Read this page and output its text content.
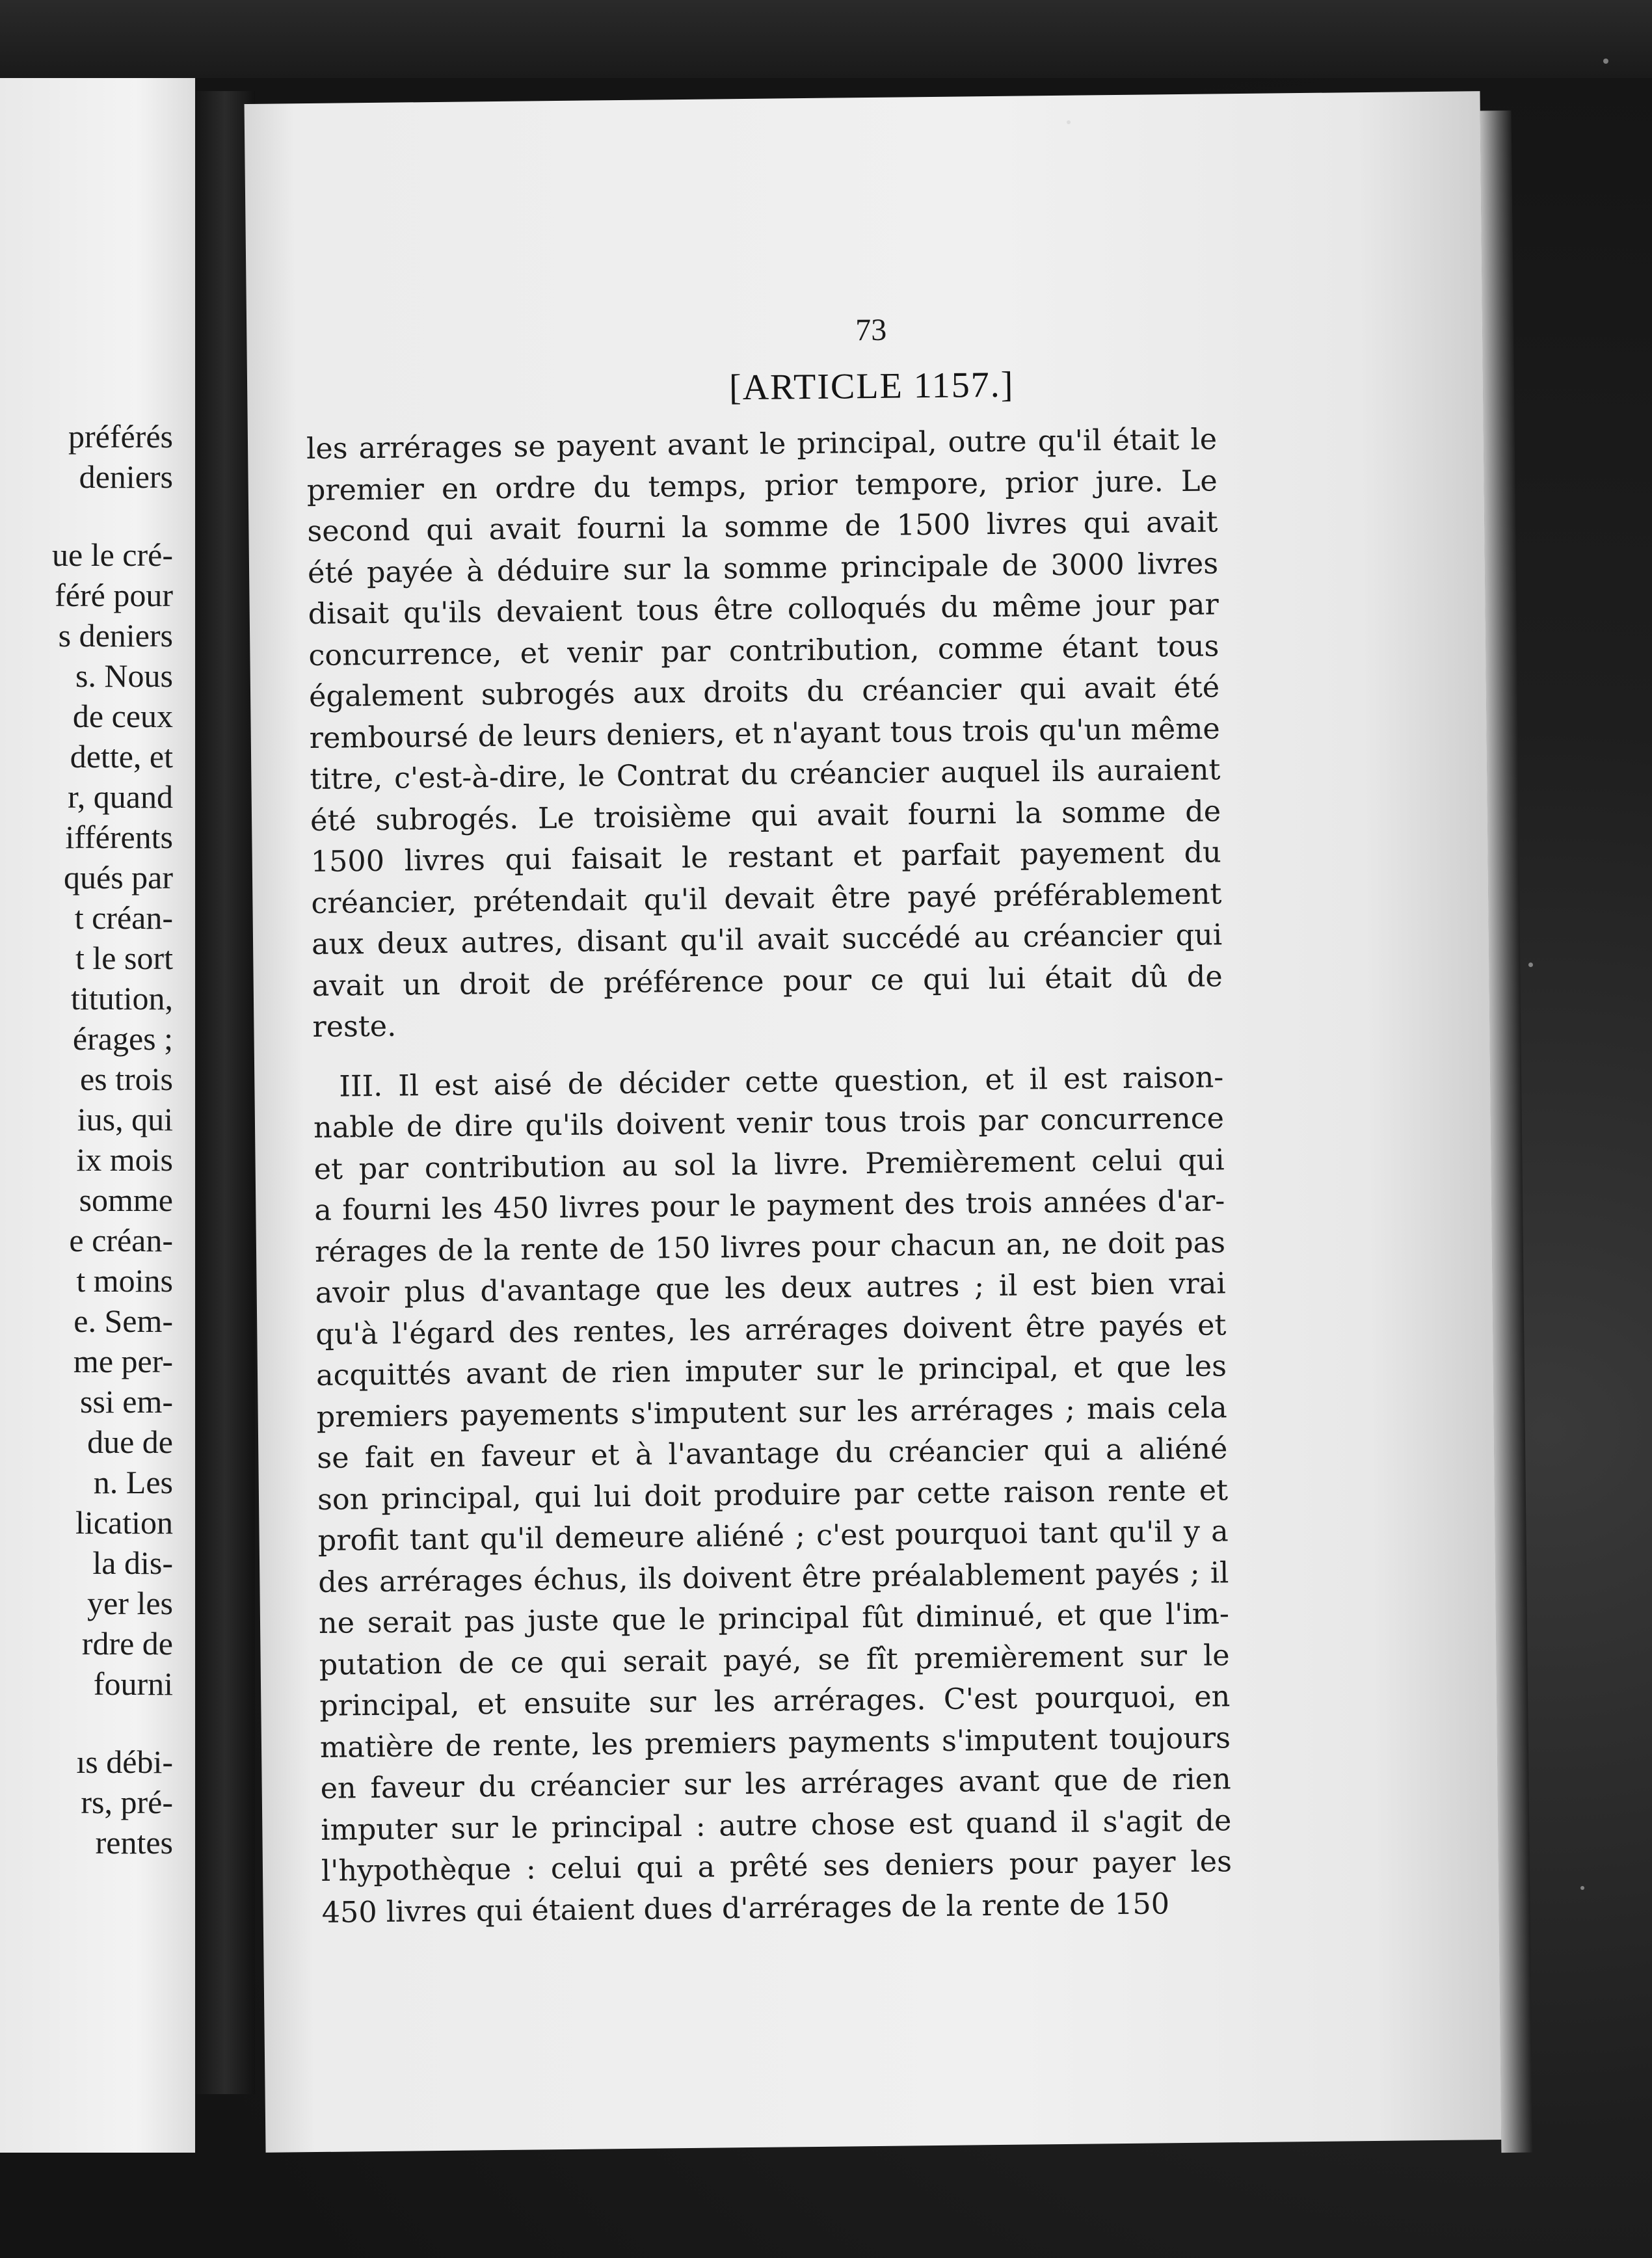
préférés
deniers
ue le cré-
féré pour
s deniers
s. Nous
de ceux
dette, et
r, quand
ifférents
qués par
t créan-
t le sort
titution,
érages ;
es trois
ius, qui
ix mois
somme
e créan-
t moins
e. Sem-
me per-
ssi em-
due de
n. Les
lication
la dis-
yer les
rdre de
fourni
ıs débi-
rs, pré-
rentes
73
[ARTICLE 1157.]
les arrérages se payent avant le principal, outre qu'il était le
premier en ordre du temps, prior tempore, prior jure. Le
second qui avait fourni la somme de 1500 livres qui avait
été payée à déduire sur la somme principale de 3000 livres
disait qu'ils devaient tous être colloqués du même jour par
concurrence, et venir par contribution, comme étant tous
également subrogés aux droits du créancier qui avait été
remboursé de leurs deniers, et n'ayant tous trois qu'un même
titre, c'est-à-dire, le Contrat du créancier auquel ils auraient
été subrogés. Le troisième qui avait fourni la somme de
1500 livres qui faisait le restant et parfait payement du
créancier, prétendait qu'il devait être payé préférablement
aux deux autres, disant qu'il avait succédé au créancier qui
avait un droit de préférence pour ce qui lui était dû de
reste.
III. Il est aisé de décider cette question, et il est raison-
nable de dire qu'ils doivent venir tous trois par concurrence
et par contribution au sol la livre. Premièrement celui qui
a fourni les 450 livres pour le payment des trois années d'ar-
rérages de la rente de 150 livres pour chacun an, ne doit pas
avoir plus d'avantage que les deux autres ; il est bien vrai
qu'à l'égard des rentes, les arrérages doivent être payés et
acquittés avant de rien imputer sur le principal, et que les
premiers payements s'imputent sur les arrérages ; mais cela
se fait en faveur et à l'avantage du créancier qui a aliéné
son principal, qui lui doit produire par cette raison rente et
profit tant qu'il demeure aliéné ; c'est pourquoi tant qu'il y a
des arrérages échus, ils doivent être préalablement payés ; il
ne serait pas juste que le principal fût diminué, et que l'im-
putation de ce qui serait payé, se fît premièrement sur le
principal, et ensuite sur les arrérages. C'est pourquoi, en
matière de rente, les premiers payments s'imputent toujours
en faveur du créancier sur les arrérages avant que de rien
imputer sur le principal : autre chose est quand il s'agit de
l'hypothèque : celui qui a prêté ses deniers pour payer les
450 livres qui étaient dues d'arrérages de la rente de 150
